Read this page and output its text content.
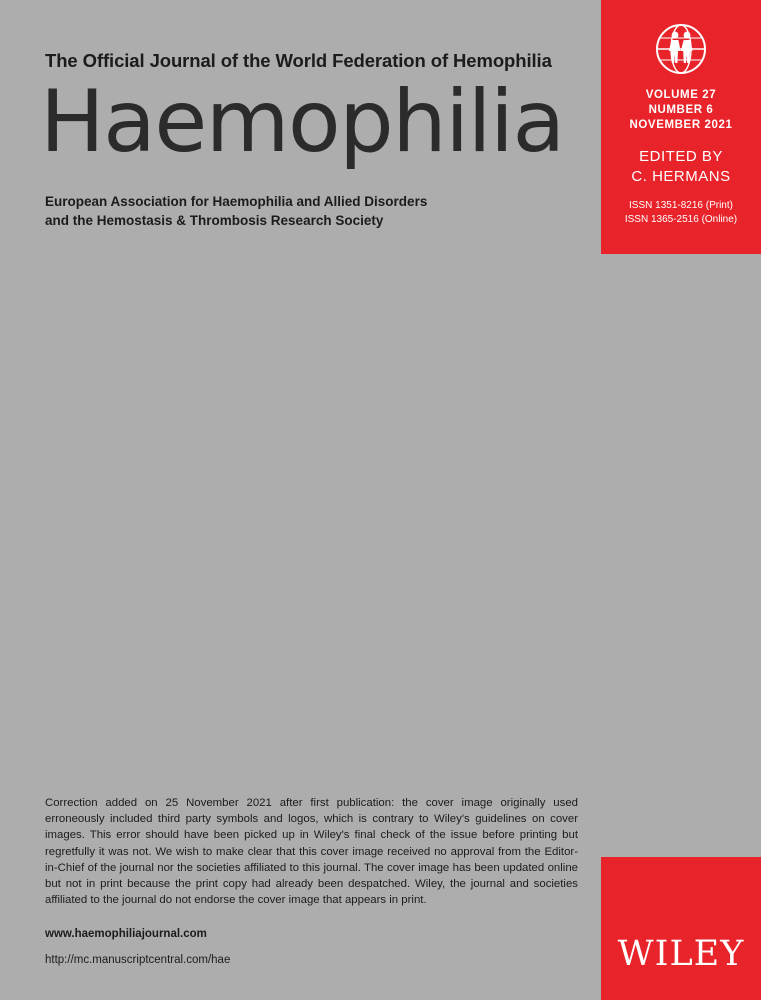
VOLUME 27
NUMBER 6
NOVEMBER 2021
EDITED BY
C. HERMANS
ISSN 1351-8216 (Print)
ISSN 1365-2516 (Online)
The Official Journal of the World Federation of Hemophilia
Haemophilia
European Association for Haemophilia and Allied Disorders
and the Hemostasis & Thrombosis Research Society
Correction added on 25 November 2021 after first publication: the cover image originally used erroneously included third party symbols and logos, which is contrary to Wiley's guidelines on cover images. This error should have been picked up in Wiley's final check of the issue before printing but regretfully it was not. We wish to make clear that this cover image received no approval from the Editor-in-Chief of the journal nor the societies affiliated to this journal. The cover image has been updated online but not in print because the print copy had already been despatched. Wiley, the journal and societies affiliated to the journal do not endorse the cover image that appears in print.
www.haemophiliajournal.com
http://mc.manuscriptcentral.com/hae	WILEY
